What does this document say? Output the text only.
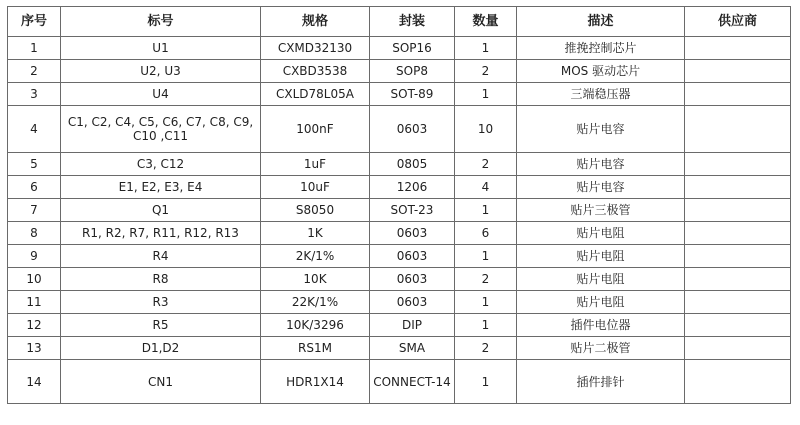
序号	标号	规格	封装	数量	描述	供应商
1	U1	CXMD32130	SOP16	1	推挽控制芯片	
2	U2, U3	CXBD3538	SOP8	2	MOS 驱动芯片	
3	U4	CXLD78L05A	SOT-89	1	三端稳压器	
4	C1, C2, C4, C5, C6, C7, C8, C9, C10 ,C11	100nF	0603	10	贴片电容	
5	C3, C12	1uF	0805	2	贴片电容	
6	E1, E2, E3, E4	10uF	1206	4	贴片电容	
7	Q1	S8050	SOT-23	1	贴片三极管	
8	R1, R2, R7, R11, R12, R13	1K	0603	6	贴片电阻	
9	R4	2K/1%	0603	1	贴片电阻	
10	R8	10K	0603	2	贴片电阻	
11	R3	22K/1%	0603	1	贴片电阻	
12	R5	10K/3296	DIP	1	插件电位器	
13	D1,D2	RS1M	SMA	2	贴片二极管	
14	CN1	HDR1X14	CONNECT-14	1	插件排针	
